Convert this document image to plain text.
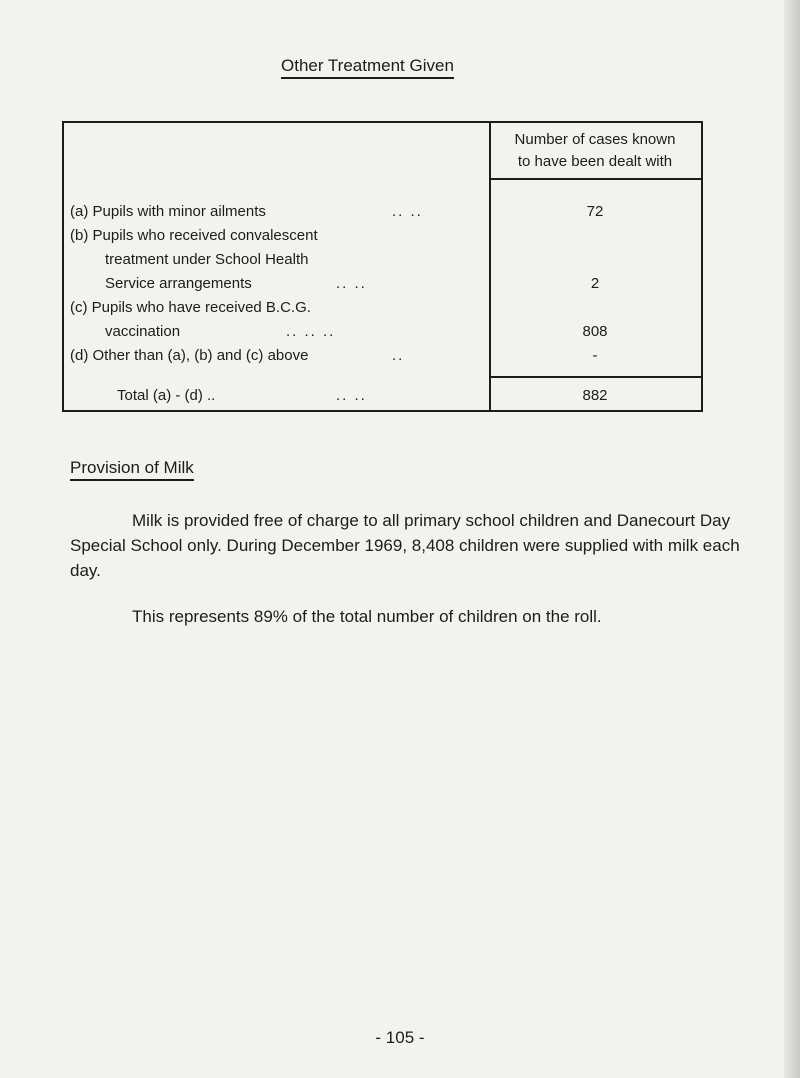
Other Treatment Given
Number of cases known
to have been dealt with
(a) Pupils with minor ailments	.. ..	72
(b) Pupils who received convalescent
treatment under School Health
Service arrangements	.. ..	2
(c) Pupils who have received B.C.G.
vaccination	.. .. ..	808
(d) Other than (a), (b) and (c) above	..	-
Total (a) - (d) ..	.. ..	882
Provision of Milk
Milk is provided free of charge to all primary school children and Danecourt Day Special School only. During December 1969, 8,408 children were supplied with milk each day.
This represents 89% of the total number of children on the roll.
- 105 -
